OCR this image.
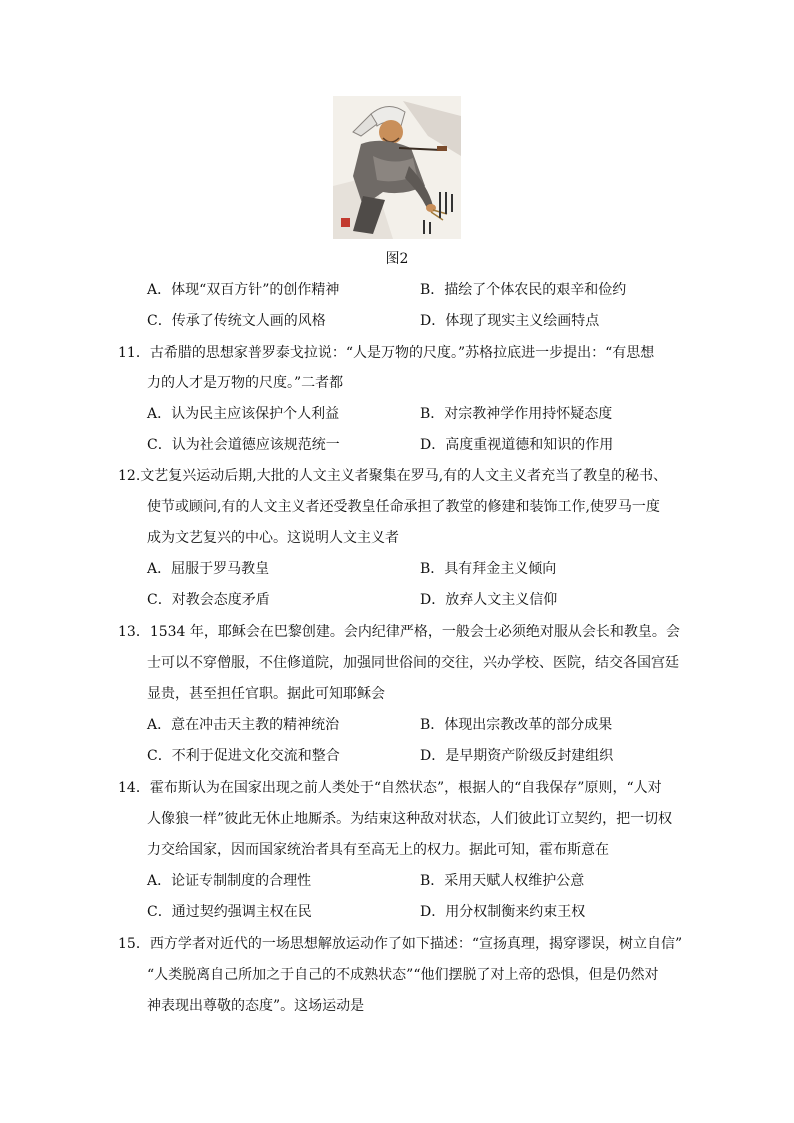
图2
A．体现“双百方针”的创作精神	B．描绘了个体农民的艰辛和俭约
C．传承了传统文人画的风格	D．体现了现实主义绘画特点
11．古希腊的思想家普罗泰戈拉说：“人是万物的尺度。”苏格拉底进一步提出：“有思想
力的人才是万物的尺度。”二者都
A．认为民主应该保护个人利益	B．对宗教神学作用持怀疑态度
C．认为社会道德应该规范统一	D．高度重视道德和知识的作用
12.文艺复兴运动后期,大批的人文主义者聚集在罗马,有的人文主义者充当了教皇的秘书、
使节或顾问,有的人文主义者还受教皇任命承担了教堂的修建和装饰工作,使罗马一度
成为文艺复兴的中心。这说明人文主义者
A．屈服于罗马教皇	B．具有拜金主义倾向
C．对教会态度矛盾	D．放弃人文主义信仰
13．1534 年，耶稣会在巴黎创建。会内纪律严格，一般会士必须绝对服从会长和教皇。会
士可以不穿僧服，不住修道院，加强同世俗间的交往，兴办学校、医院，结交各国宫廷
显贵，甚至担任官职。据此可知耶稣会
A．意在冲击天主教的精神统治	B．体现出宗教改革的部分成果
C．不利于促进文化交流和整合	D．是早期资产阶级反封建组织
14．霍布斯认为在国家出现之前人类处于“自然状态”，根据人的“自我保存”原则，“人对
人像狼一样”彼此无休止地厮杀。为结束这种敌对状态，人们彼此订立契约，把一切权
力交给国家，因而国家统治者具有至高无上的权力。据此可知，霍布斯意在
A．论证专制制度的合理性	B．采用天赋人权维护公意
C．通过契约强调主权在民	D．用分权制衡来约束王权
15．西方学者对近代的一场思想解放运动作了如下描述：“宣扬真理，揭穿谬误，树立自信”
“人类脱离自己所加之于自己的不成熟状态”“他们摆脱了对上帝的恐惧，但是仍然对
神表现出尊敬的态度”。这场运动是
